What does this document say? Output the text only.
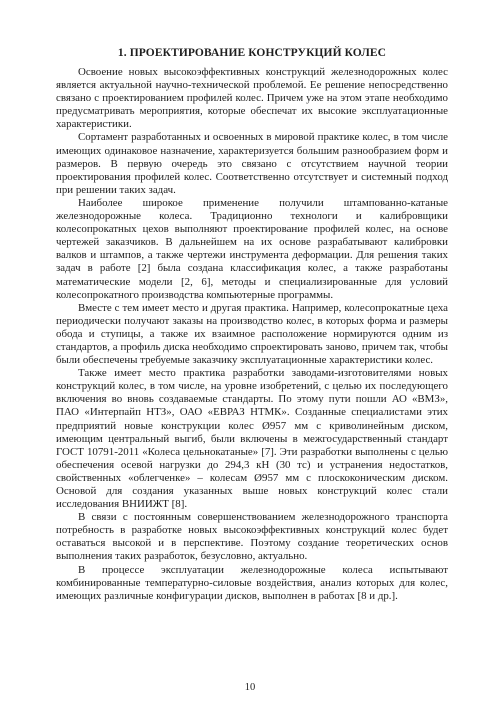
1. ПРОЕКТИРОВАНИЕ КОНСТРУКЦИЙ КОЛЕС

Освоение новых высокоэффективных конструкций железнодорожных колес является актуальной научно-технической проблемой. Ее решение непосредственно связано с проектированием профилей колес. Причем уже на этом этапе необходимо предусматривать мероприятия, которые обеспечат их высокие эксплуатационные характеристики.

Сортамент разработанных и освоенных в мировой практике колес, в том числе имеющих одинаковое назначение, характеризуется большим разнообразием форм и размеров. В первую очередь это связано с отсутствием научной теории проектирования профилей колес. Соответственно отсутствует и системный подход при решении таких задач.

Наиболее широкое применение получили штампованно-катаные железнодорожные колеса. Традиционно технологи и калибровщики колесопрокатных цехов выполняют проектирование профилей колес, на основе чертежей заказчиков. В дальнейшем на их основе разрабатывают калибровки валков и штампов, а также чертежи инструмента деформации. Для решения таких задач в работе [2] была создана классификация колес, а также разработаны математические модели [2, 6], методы и специализированные для условий колесопрокатного производства компьютерные программы.

Вместе с тем имеет место и другая практика. Например, колесопрокатные цеха периодически получают заказы на производство колес, в которых форма и размеры обода и ступицы, а также их взаимное расположение нормируются одним из стандартов, а профиль диска необходимо спроектировать заново, причем так, чтобы были обеспечены требуемые заказчику эксплуатационные характеристики колес.

Также имеет место практика разработки заводами-изготовителями новых конструкций колес, в том числе, на уровне изобретений, с целью их последующего включения во вновь создаваемые стандарты. По этому пути пошли АО «ВМЗ», ПАО «Интерпайп НТЗ», ОАО «ЕВРАЗ НТМК». Созданные специалистами этих предприятий новые конструкции колес Ø957 мм с криволинейным диском, имеющим центральный выгиб, были включены в межгосударственный стандарт ГОСТ 10791-2011 «Колеса цельнокатаные» [7]. Эти разработки выполнены с целью обеспечения осевой нагрузки до 294,3 кН (30 тс) и устранения недостатков, свойственных «облегченке» – колесам Ø957 мм с плоскоконическим диском. Основой для создания указанных выше новых конструкций колес стали исследования ВНИИЖТ [8].

В связи с постоянным совершенствованием железнодорожного транспорта потребность в разработке новых высокоэффективных конструкций колес будет оставаться высокой и в перспективе. Поэтому создание теоретических основ выполнения таких разработок, безусловно, актуально.

В процессе эксплуатации железнодорожные колеса испытывают комбинированные температурно-силовые воздействия, анализ которых для колес, имеющих различные конфигурации дисков, выполнен в работах [8 и др.].

10
